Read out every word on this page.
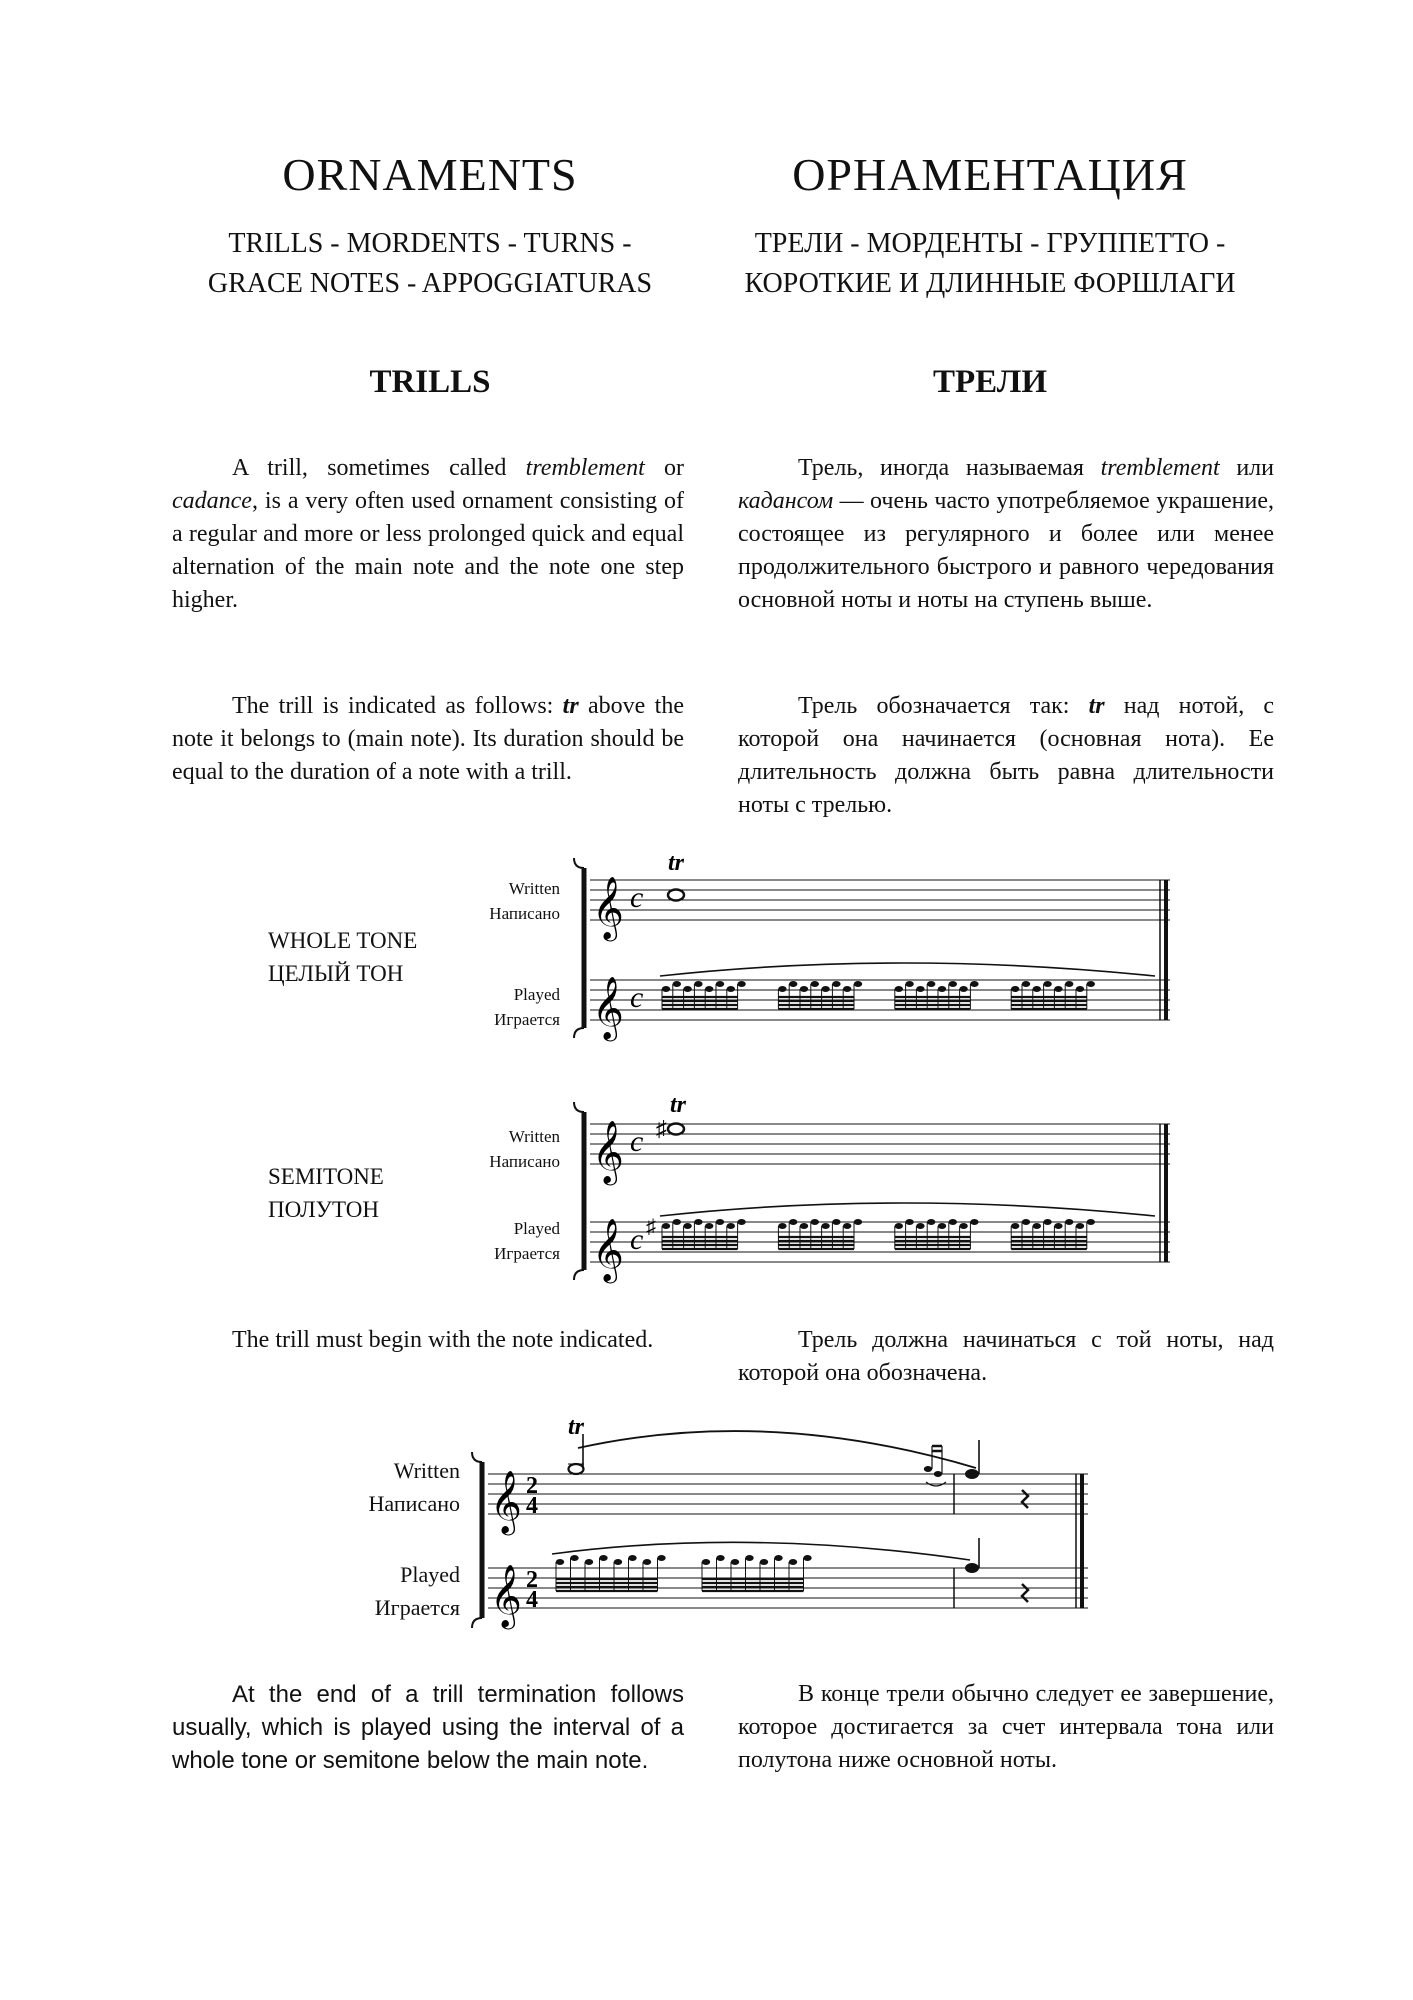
ORNAMENTS	ОРНАМЕНТАЦИЯ
TRILLS - MORDENTS - TURNS -
GRACE NOTES - APPOGGIATURAS
ТРЕЛИ - МОРДЕНТЫ - ГРУППЕТТО -
КОРОТКИЕ И ДЛИННЫЕ ФОРШЛАГИ
TRILLS	ТРЕЛИ
A trill, sometimes called tremblement or cadance, is a very often used ornament consisting of a regular and more or less prolonged quick and equal alternation of the main note and the note one step higher.
Трель, иногда называемая tremblement или кадансом — очень часто употребляемое украшение, состоящее из регулярного и более или менее продолжительного быстрого и равного чередования основной ноты и ноты на ступень выше.
The trill is indicated as follows: tr above the note it belongs to (main note). Its duration should be equal to the duration of a note with a trill.
Трель обозначается так: tr над нотой, с которой она начинается (основная нота). Ее длительность должна быть равна длительности ноты с трелью.
WHOLE TONE
ЦЕЛЫЙ ТОН
Written
Написано
Played
Играется
𝄞
𝄞
c
c
tr
SEMITONE
ПОЛУТОН
Written
Написано
Played
Играется
𝄞
𝄞
c
c
tr
♯
♯
The trill must begin with the note indicated.	Трель должна начинаться с той ноты, над которой она обозначена.
Written
Написано
Played
Играется
𝄞
𝄞
2
4
2
4
tr
At the end of a trill termination follows usually, which is played using the interval of a whole tone or semitone below the main note.
В конце трели обычно следует ее завершение, которое достигается за счет интервала тона или полутона ниже основной ноты.
